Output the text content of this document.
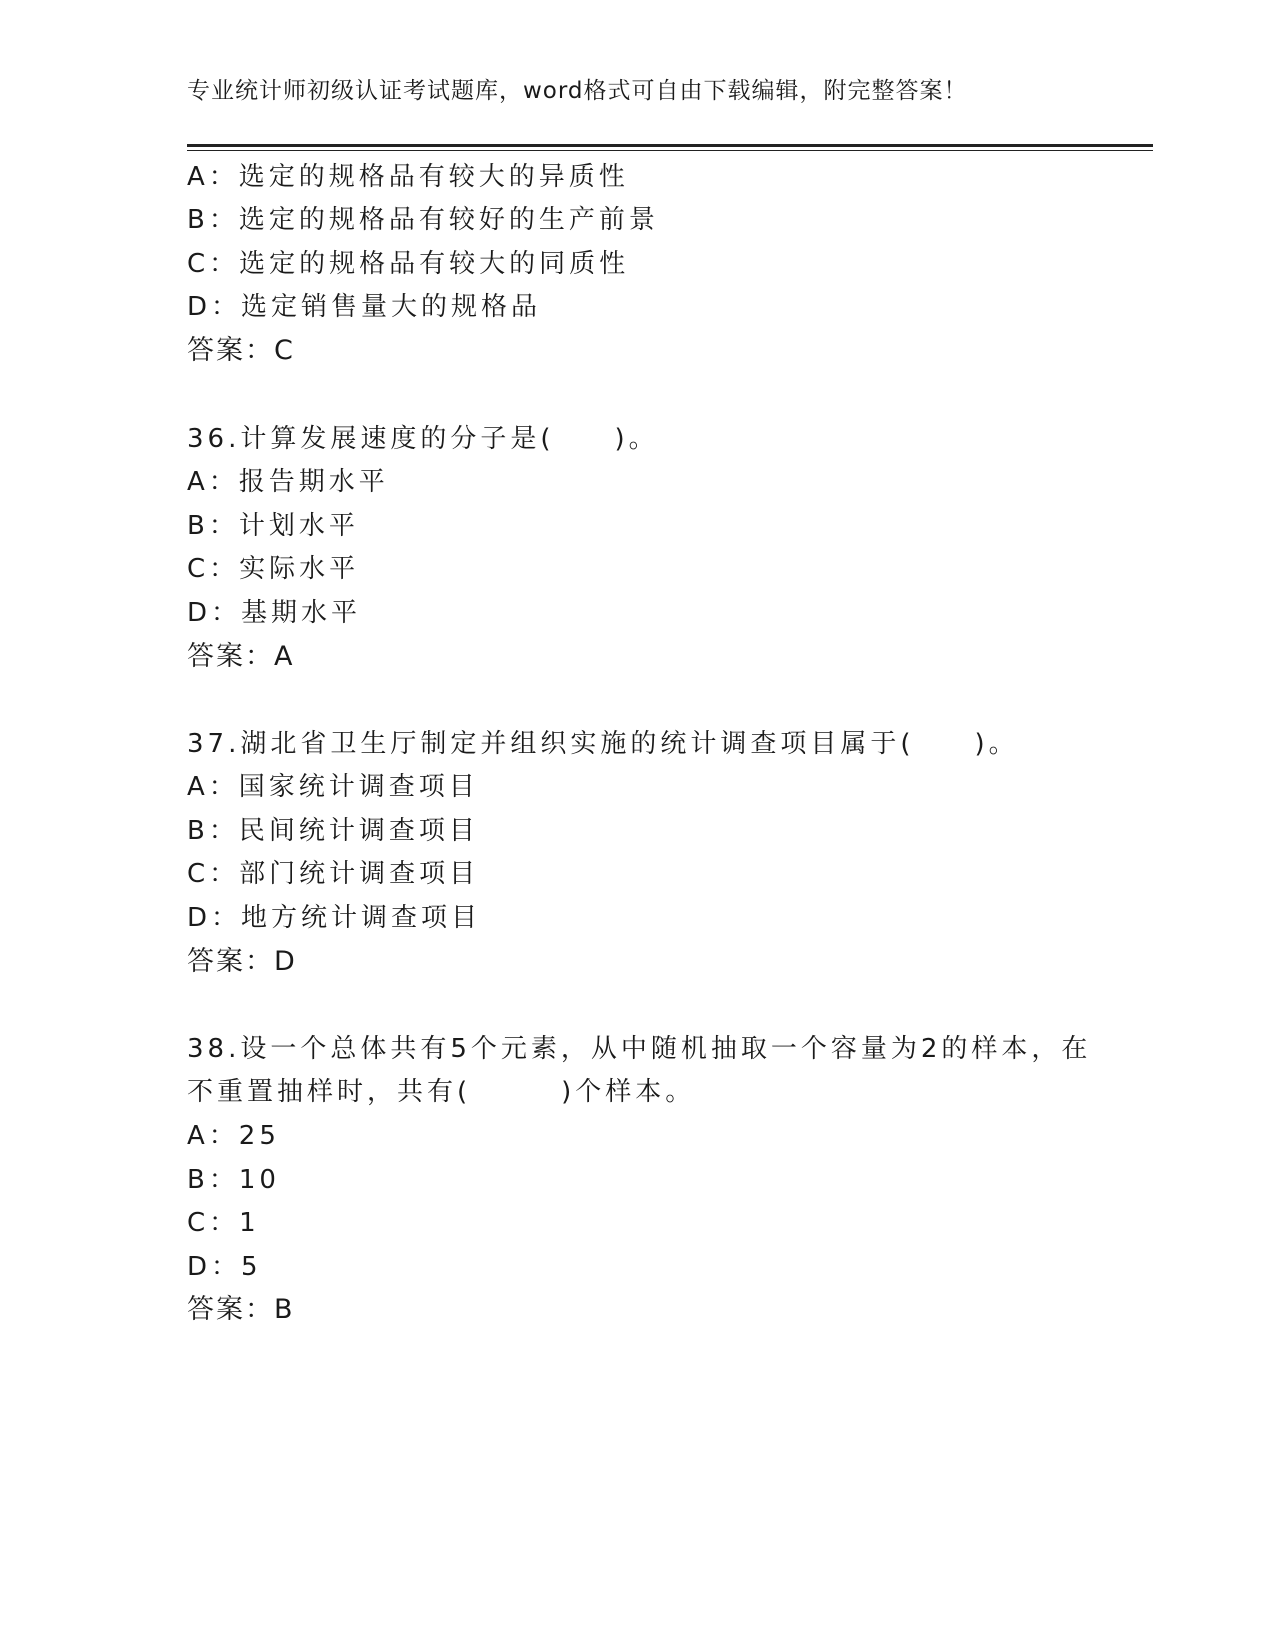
专业统计师初级认证考试题库，word格式可自由下载编辑，附完整答案！
A：选定的规格品有较大的异质性
B：选定的规格品有较好的生产前景
C：选定的规格品有较大的同质性
D：选定销售量大的规格品
答案：C
36.计算发展速度的分子是(　　)。
A：报告期水平
B：计划水平
C：实际水平
D：基期水平
答案：A
37.湖北省卫生厅制定并组织实施的统计调查项目属于(　　)。
A：国家统计调查项目
B：民间统计调查项目
C：部门统计调查项目
D：地方统计调查项目
答案：D
38.设一个总体共有5个元素，从中随机抽取一个容量为2的样本，在
不重置抽样时，共有(　　　)个样本。
A：25
B：10
C：1
D：5
答案：B
